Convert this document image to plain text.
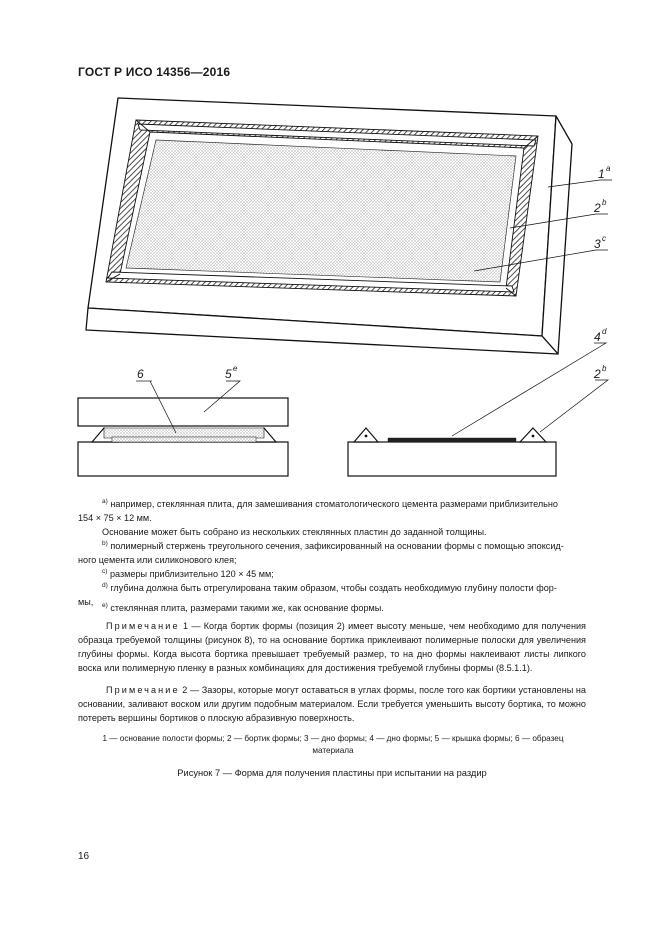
ГОСТ Р ИСО 14356—2016
1 a
2 b
3 c
4 d
2 b
6	5 e
$^{a)}$ например, стеклянная плита, для замешивания стоматологического цемента размерами приблизительно
154 × 75 × 12 мм.
Основание может быть собрано из нескольких стеклянных пластин до заданной толщины.
$^{b)}$ полимерный стержень треугольного сечения, зафиксированный на основании формы с помощью эпоксид-
ного цемента или силиконового клея;
$^{c)}$ размеры приблизительно 120 × 45 мм;
$^{d)}$ глубина должна быть отрегулирована таким образом, чтобы создать необходимую глубину полости фор-
мы,	$^{e)}$ стеклянная плита, размерами такими же, как основание формы.
Примечание 1 — Когда бортик формы (позиция 2) имеет высоту меньше, чем необходимо для получения образца требуемой толщины (рисунок 8), то на основание бортика приклеивают полимерные полоски для увеличения глубины формы. Когда высота бортика превышает требуемый размер, то на дно формы наклеивают листы липкого воска или полимерную пленку в разных комбинациях для достижения требуемой глубины формы (8.5.1.1).
Примечание 2 — Зазоры, которые могут оставаться в углах формы, после того как бортики установлены на основании, заливают воском или другим подобным материалом. Если требуется уменьшить высоту бортика, то можно потереть вершины бортиков о плоскую абразивную поверхность.
1 — основание полости формы; 2 — бортик формы; 3 — дно формы; 4 — дно формы; 5 — крышка формы; 6 — образец материала
Рисунок 7 — Форма для получения пластины при испытании на раздир
16
